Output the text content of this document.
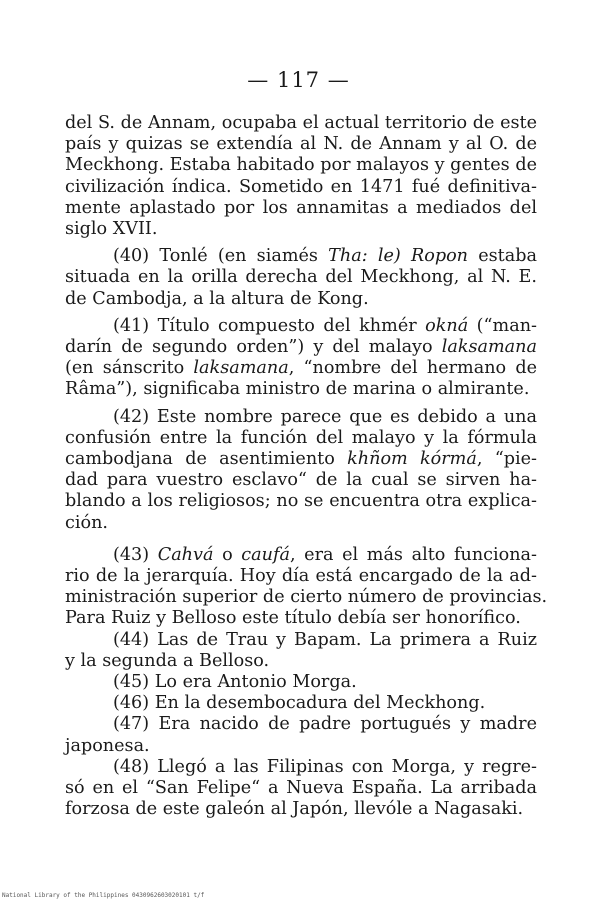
— 117 —
del S. de Annam, ocupaba el actual territorio de este
país y quizas se extendía al N. de Annam y al O. de
Meckhong. Estaba habitado por malayos y gentes de
civilización índica. Sometido en 1471 fué definitiva-
mente aplastado por los annamitas a mediados del
siglo XVII.
(40) Tonlé (en siamés Tha: le) Ropon estaba
situada en la orilla derecha del Meckhong, al N. E.
de Cambodja, a la altura de Kong.
(41) Título compuesto del khmér okná (“man-
darín de segundo orden”) y del malayo laksamana
(en sánscrito laksamana, “nombre del hermano de
Râma”), significaba ministro de marina o almirante.
(42) Este nombre parece que es debido a una
confusión entre la función del malayo y la fórmula
cambodjana de asentimiento khñom kórmá, “pie-
dad para vuestro esclavo“ de la cual se sirven ha-
blando a los religiosos; no se encuentra otra explica-
ción.
(43) Cahvá o caufá, era el más alto funciona-
rio de la jerarquía. Hoy día está encargado de la ad-
ministración superior de cierto número de provincias.
Para Ruiz y Belloso este título debía ser honorífico.
(44) Las de Trau y Bapam. La primera a Ruiz
y la segunda a Belloso.
(45) Lo era Antonio Morga.
(46) En la desembocadura del Meckhong.
(47) Era nacido de padre portugués y madre
japonesa.
(48) Llegó a las Filipinas con Morga, y regre-
só en el “San Felipe“ a Nueva España. La arribada
forzosa de este galeón al Japón, llevóle a Nagasaki.
National Library of the Philippines 0430962603020101 t/f
